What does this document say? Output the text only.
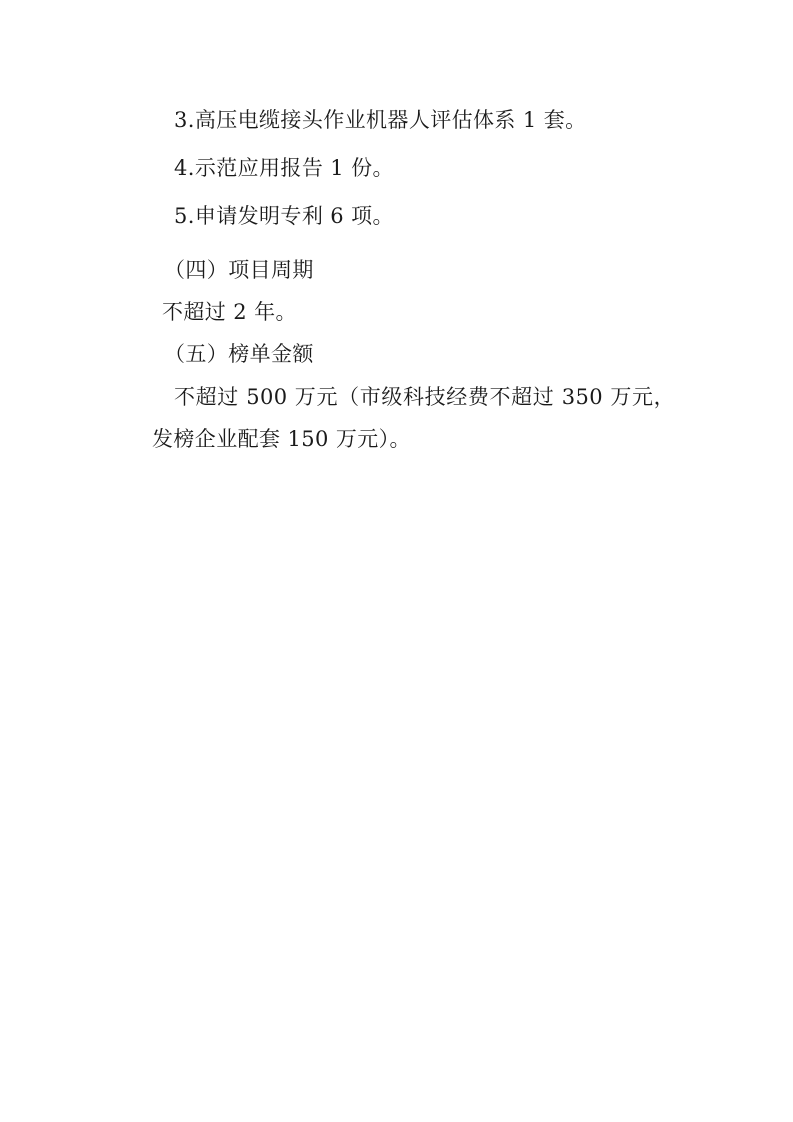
3.高压电缆接头作业机器人评估体系 1 套。
4.示范应用报告 1 份。
5.申请发明专利 6 项。
（四）项目周期
不超过 2 年。
（五）榜单金额
不超过 500 万元（市级科技经费不超过 350 万元，发榜企业配套 150 万元）。
